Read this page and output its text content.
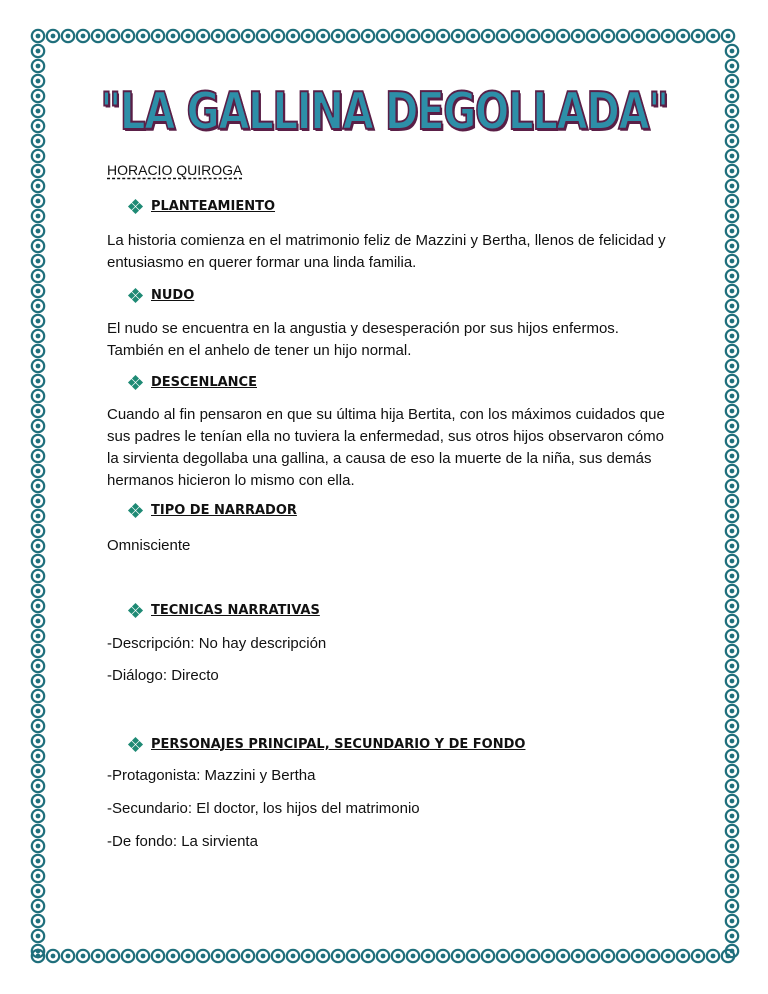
"LA GALLINA DEGOLLADA"
HORACIO QUIROGA
PLANTEAMIENTO
La historia comienza en el matrimonio feliz de Mazzini y Bertha, llenos de felicidad y entusiasmo en querer formar una linda familia.
NUDO
El nudo se encuentra en la angustia y desesperación por sus hijos enfermos. También en el anhelo de tener un hijo normal.
DESCENLANCE
Cuando al fin pensaron en que su última hija Bertita, con los máximos cuidados que sus padres le tenían ella no tuviera la enfermedad, sus otros hijos observaron cómo la sirvienta degollaba una gallina, a causa de eso la muerte de la niña, sus demás hermanos hicieron lo mismo con ella.
TIPO DE NARRADOR
Omnisciente
TECNICAS NARRATIVAS
-Descripción: No hay descripción
-Diálogo: Directo
PERSONAJES PRINCIPAL, SECUNDARIO Y DE FONDO
-Protagonista: Mazzini y Bertha
-Secundario: El doctor, los hijos del matrimonio
-De fondo: La sirvienta
